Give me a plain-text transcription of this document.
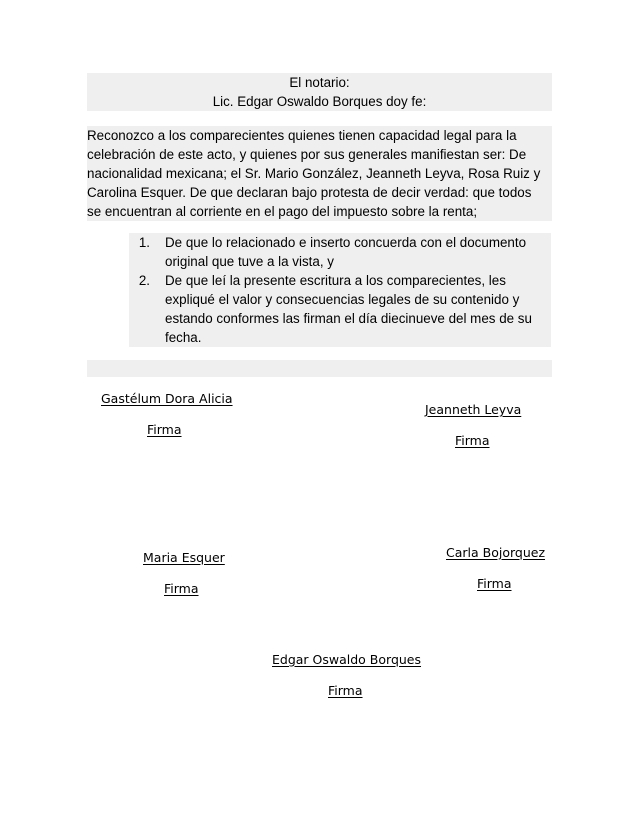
El notario:
Lic. Edgar Oswaldo Borques doy fe:

Reconozco a los comparecientes quienes tienen capacidad legal para la

celebración de este acto, y quienes por sus generales manifiestan ser: De

nacionalidad mexicana; el Sr. Mario González, Jeanneth Leyva, Rosa Ruiz y

Carolina Esquer. De que declaran bajo protesta de decir verdad: que todos

se encuentran al corriente en el pago del impuesto sobre la renta;

1.	De que lo relacionado e inserto concuerda con el documento
original que tuve a la vista, y
2.	De que leí la presente escritura a los comparecientes, les
expliqué el valor y consecuencias legales de su contenido y
estando conformes las firman el día diecinueve del mes de su
fecha.
Gastélum Dora Alicia
Firma
Jeanneth Leyva
Firma
Maria Esquer
Firma
Carla Bojorquez
Firma
Edgar Oswaldo Borques
Firma
